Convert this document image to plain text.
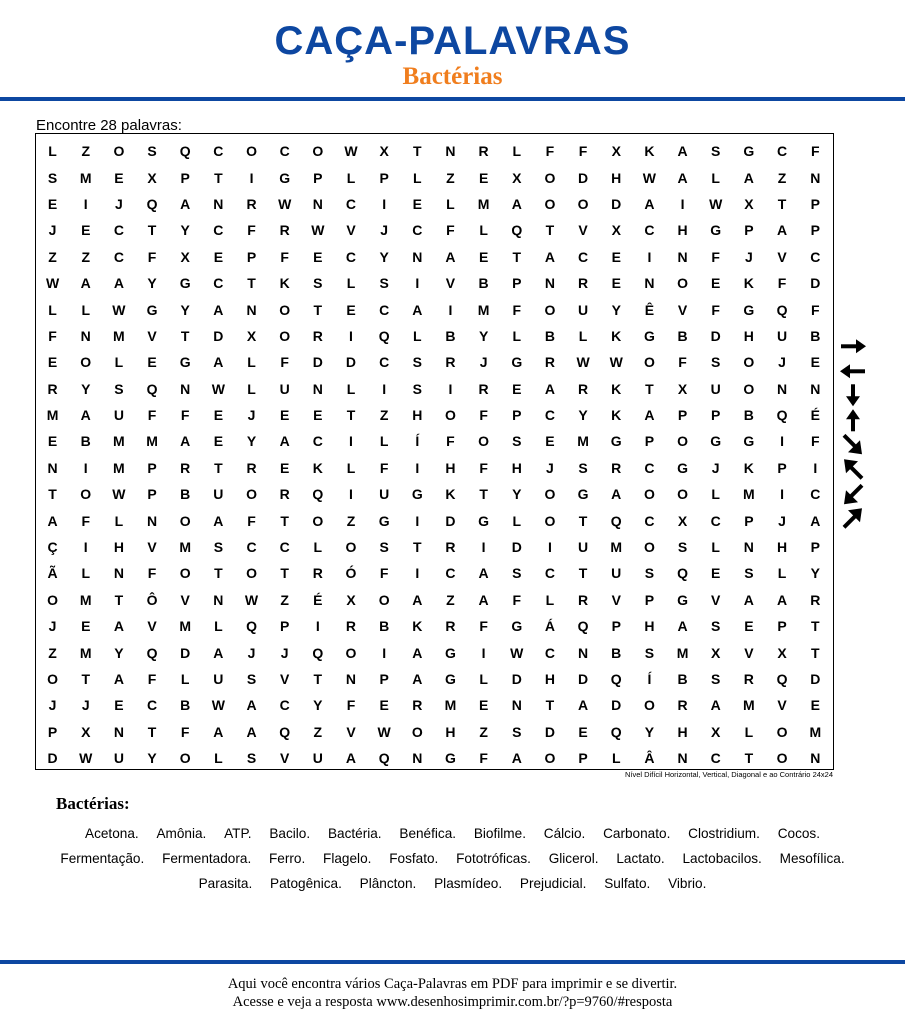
CAÇA-PALAVRAS
Bactérias
Encontre 28 palavras:
L	Z	O	S	Q	C	O	C	O	W	X	T	N	R	L	F	F	X	K	A	S	G	C	F
S	M	E	X	P	T	I	G	P	L	P	L	Z	E	X	O	D	H	W	A	L	A	Z	N
E	I	J	Q	A	N	R	W	N	C	I	E	L	M	A	O	O	D	A	I	W	X	T	P
J	E	C	T	Y	C	F	R	W	V	J	C	F	L	Q	T	V	X	C	H	G	P	A	P
Z	Z	C	F	X	E	P	F	E	C	Y	N	A	E	T	A	C	E	I	N	F	J	V	C
W	A	A	Y	G	C	T	K	S	L	S	I	V	B	P	N	R	E	N	O	E	K	F	D
L	L	W	G	Y	A	N	O	T	E	C	A	I	M	F	O	U	Y	Ê	V	F	G	Q	F
F	N	M	V	T	D	X	O	R	I	Q	L	B	Y	L	B	L	K	G	B	D	H	U	B
E	O	L	E	G	A	L	F	D	D	C	S	R	J	G	R	W	W	O	F	S	O	J	E
R	Y	S	Q	N	W	L	U	N	L	I	S	I	R	E	A	R	K	T	X	U	O	N	N
M	A	U	F	F	E	J	E	E	T	Z	H	O	F	P	C	Y	K	A	P	P	B	Q	É
E	B	M	M	A	E	Y	A	C	I	L	Í	F	O	S	E	M	G	P	O	G	G	I	F
N	I	M	P	R	T	R	E	K	L	F	I	H	F	H	J	S	R	C	G	J	K	P	I
T	O	W	P	B	U	O	R	Q	I	U	G	K	T	Y	O	G	A	O	O	L	M	I	C
A	F	L	N	O	A	F	T	O	Z	G	I	D	G	L	O	T	Q	C	X	C	P	J	A
Ç	I	H	V	M	S	C	C	L	O	S	T	R	I	D	I	U	M	O	S	L	N	H	P
Ã	L	N	F	O	T	O	T	R	Ó	F	I	C	A	S	C	T	U	S	Q	E	S	L	Y
O	M	T	Ô	V	N	W	Z	É	X	O	A	Z	A	F	L	R	V	P	G	V	A	A	R
J	E	A	V	M	L	Q	P	I	R	B	K	R	F	G	Á	Q	P	H	A	S	E	P	T
Z	M	Y	Q	D	A	J	J	Q	O	I	A	G	I	W	C	N	B	S	M	X	V	X	T
O	T	A	F	L	U	S	V	T	N	P	A	G	L	D	H	D	Q	Í	B	S	R	Q	D
J	J	E	C	B	W	A	C	Y	F	E	R	M	E	N	T	A	D	O	R	A	M	V	E
P	X	N	T	F	A	A	Q	Z	V	W	O	H	Z	S	D	E	Q	Y	H	X	L	O	M
D	W	U	Y	O	L	S	V	U	A	Q	N	G	F	A	O	P	L	Â	N	C	T	O	N
Nível Difícil Horizontal, Vertical, Diagonal e ao Contrário 24x24
Bactérias:
Acetona. Amônia. ATP. Bacilo. Bactéria. Benéfica. Biofilme. Cálcio. Carbonato. Clostridium. Cocos. Fermentação. Fermentadora. Ferro. Flagelo. Fosfato. Fototróficas. Glicerol. Lactato. Lactobacilos. Mesofílica. Parasita. Patogênica. Plâncton. Plasmídeo. Prejudicial. Sulfato. Vibrio.
Aqui você encontra vários Caça-Palavras em PDF para imprimir e se divertir.
Acesse e veja a resposta www.desenhosimprimir.com.br/?p=9760/#resposta
